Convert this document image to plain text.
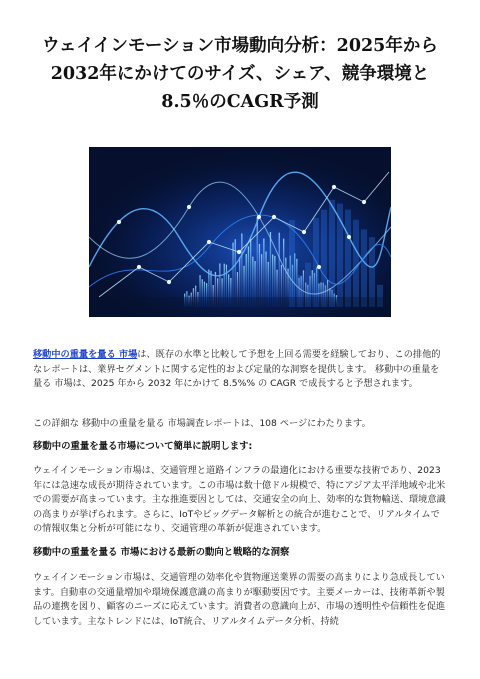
ウェイインモーション市場動向分析：2025年から2032年にかけてのサイズ、シェア、競争環境と8.5％のCAGR予測

移動中の重量を量る 市場は、既存の水準と比較して予想を上回る需要を経験しており、この排他的なレポートは、業界セグメントに関する定性的および定量的な洞察を提供します。 移動中の重量を量る 市場は、2025 年から 2032 年にかけて 8.5%% の CAGR で成長すると予想されます。

この詳細な 移動中の重量を量る 市場調査レポートは、108 ページにわたります。

移動中の重量を量る市場について簡単に説明します:

ウェイインモーション市場は、交通管理と道路インフラの最適化における重要な技術であり、2023年には急速な成長が期待されています。この市場は数十億ドル規模で、特にアジア太平洋地域や北米での需要が高まっています。主な推進要因としては、交通安全の向上、効率的な貨物輸送、環境意識の高まりが挙げられます。さらに、IoTやビッグデータ解析との統合が進むことで、リアルタイムでの情報収集と分析が可能になり、交通管理の革新が促進されています。

移動中の重量を量る 市場における最新の動向と戦略的な洞察

ウェイインモーション市場は、交通管理の効率化や貨物運送業界の需要の高まりにより急成長しています。自動車の交通量増加や環境保護意識の高まりが駆動要因です。主要メーカーは、技術革新や製品の連携を図り、顧客のニーズに応えています。消費者の意識向上が、市場の透明性や信頼性を促進しています。主なトレンドには、IoT統合、リアルタイムデータ分析、持続
